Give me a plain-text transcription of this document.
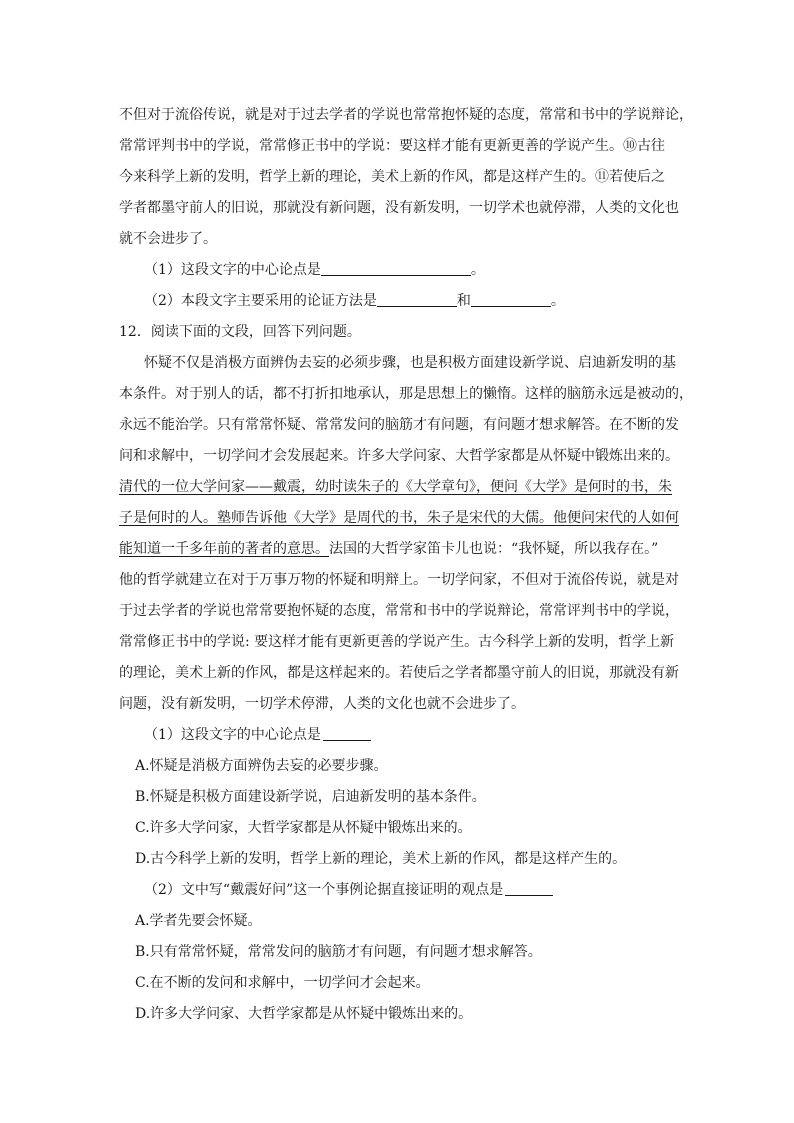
不但对于流俗传说，就是对于过去学者的学说也常常抱怀疑的态度，常常和书中的学说辩论，
常常评判书中的学说，常常修正书中的学说：要这样才能有更新更善的学说产生。⑩古往
今来科学上新的发明，哲学上新的理论，美术上新的作风，都是这样产生的。⑪若使后之
学者都墨守前人的旧说，那就没有新问题，没有新发明，一切学术也就停滞，人类的文化也
就不会进步了。
（1）这段文字的中心论点是	。
（2）本段文字主要采用的论证方法是	和	。
12．阅读下面的文段，回答下列问题。
怀疑不仅是消极方面辨伪去妄的必须步骤，也是积极方面建设新学说、启迪新发明的基
本条件。对于别人的话，都不打折扣地承认，那是思想上的懒惰。这样的脑筋永远是被动的，
永远不能治学。只有常常怀疑、常常发问的脑筋才有问题，有问题才想求解答。在不断的发
问和求解中，一切学问才会发展起来。许多大学问家、大哲学家都是从怀疑中锻炼出来的。
清代的一位大学问家——戴震，幼时读朱子的《大学章句》，便问《大学》是何时的书，朱
子是何时的人。塾师告诉他《大学》是周代的书，朱子是宋代的大儒。他便问宋代的人如何
能知道一千多年前的著者的意思。法国的大哲学家笛卡儿也说：“我怀疑，所以我存在。”
他的哲学就建立在对于万事万物的怀疑和明辩上。一切学问家，不但对于流俗传说，就是对
于过去学者的学说也常常要抱怀疑的态度，常常和书中的学说辩论，常常评判书中的学说，
常常修正书中的学说: 要这样才能有更新更善的学说产生。古今科学上新的发明，哲学上新
的理论，美术上新的作风，都是这样起来的。若使后之学者都墨守前人的旧说，那就没有新
问题，没有新发明，一切学术停滞，人类的文化也就不会进步了。
（1）这段文字的中心论点是
A.怀疑是消极方面辨伪去妄的必要步骤。
B.怀疑是积极方面建设新学说，启迪新发明的基本条件。
C.许多大学问家，大哲学家都是从怀疑中锻炼出来的。
D.古今科学上新的发明，哲学上新的理论，美术上新的作风，都是这样产生的。
（2）文中写“戴震好问”这一个事例论据直接证明的观点是
A.学者先要会怀疑。
B.只有常常怀疑，常常发问的脑筋才有问题，有问题才想求解答。
C.在不断的发问和求解中，一切学问才会起来。
D.许多大学问家、大哲学家都是从怀疑中锻炼出来的。
